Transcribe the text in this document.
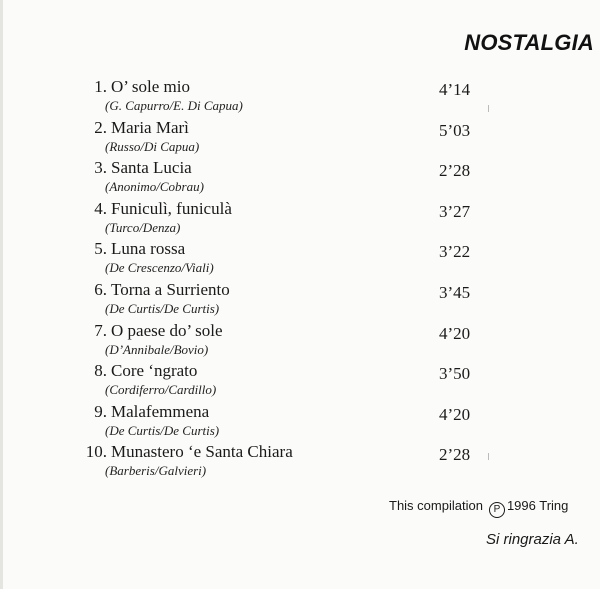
NOSTALGIA
1. O’ sole mio
(G. Capurro/E. Di Capua)
4’14
2. Maria Marì
(Russo/Di Capua)
5’03
3. Santa Lucia
(Anonimo/Cobrau)
2’28
4. Funiculì, funiculà
(Turco/Denza)
3’27
5. Luna rossa
(De Crescenzo/Viali)
3’22
6. Torna a Surriento
(De Curtis/De Curtis)
3’45
7. O paese do’ sole
(D’Annibale/Bovio)
4’20
8. Core ‘ngrato
(Cordiferro/Cardillo)
3’50
9. Malafemmena
(De Curtis/De Curtis)
4’20
10. Munastero ‘e Santa Chiara
(Barberis/Galvieri)
2’28
This compilation P 1996 Tring
Si ringrazia A.
